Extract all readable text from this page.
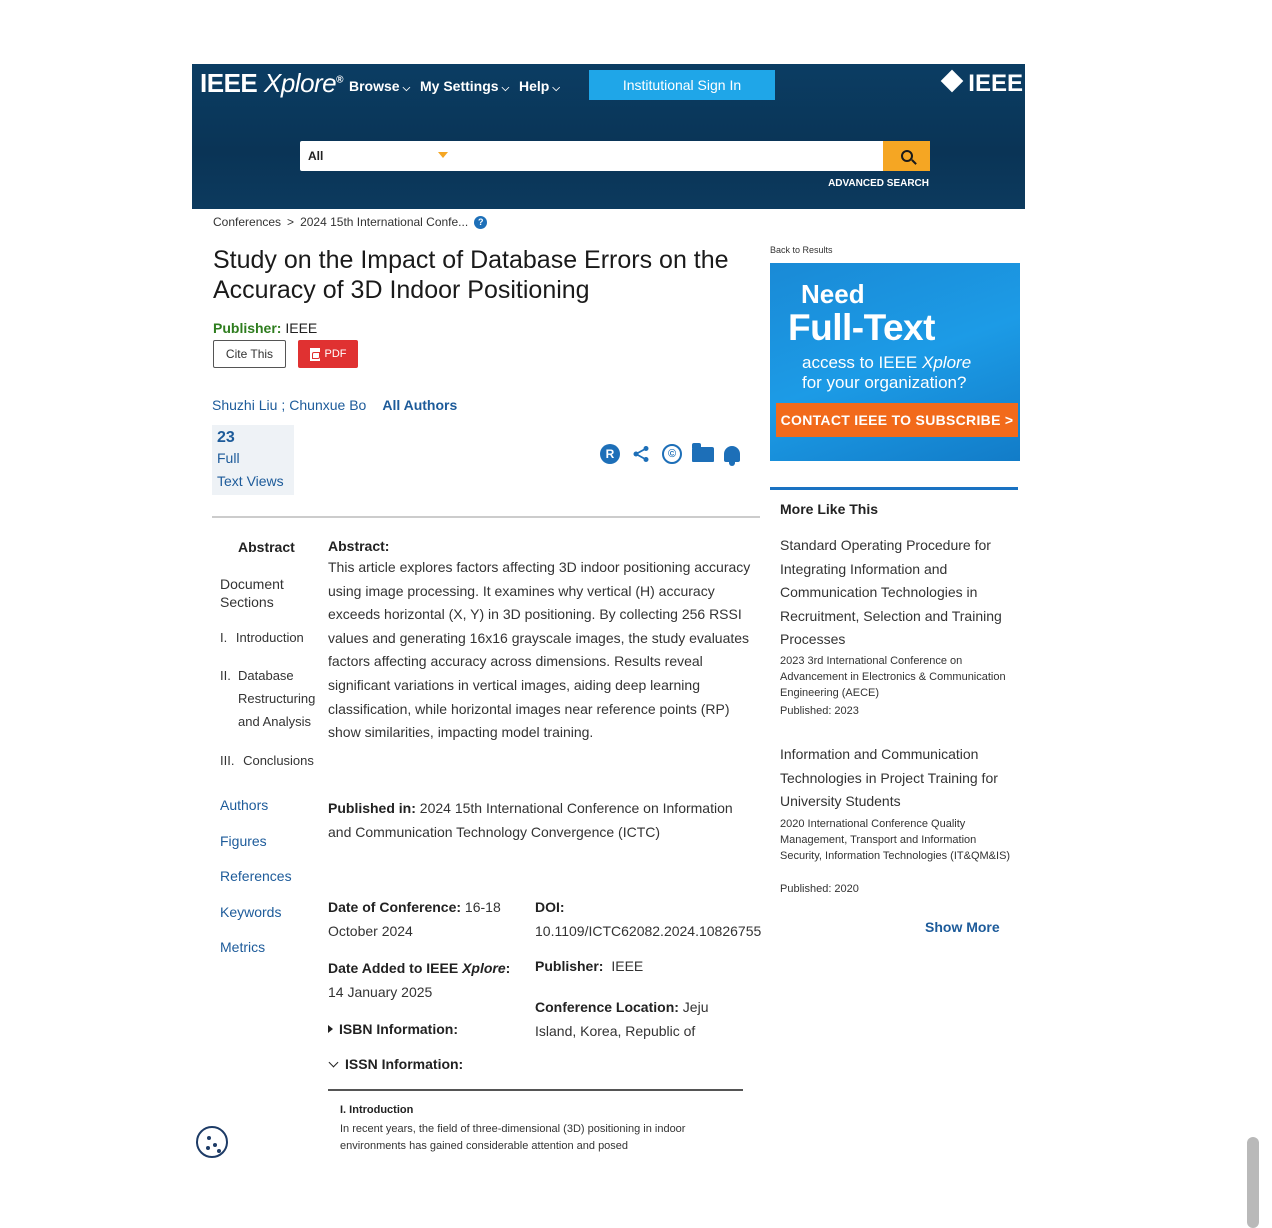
IEEE Xplore® Browse ⌵ My Settings ⌵ Help ⌵	Institutional Sign In	IEEE
All
ADVANCED SEARCH
Conferences > 2024 15th International Confe...	?
Study on the Impact of Database Errors on the Accuracy of 3D Indoor Positioning
Publisher: IEEE
Cite This	PDF
Shuzhi Liu ; Chunxue Bo All Authors
23
Full
Text Views
R	©
Abstract
Document Sections
I. Introduction
II. Database Restructuring and Analysis
III. Conclusions
Authors
Figures
References
Keywords
Metrics
Abstract:
This article explores factors affecting 3D indoor positioning accuracy using image processing. It examines why vertical (H) accuracy exceeds horizontal (X, Y) in 3D positioning. By collecting 256 RSSI values and generating 16x16 grayscale images, the study evaluates factors affecting accuracy across dimensions. Results reveal significant variations in vertical images, aiding deep learning classification, while horizontal images near reference points (RP) show similarities, impacting model training.
Published in: 2024 15th International Conference on Information and Communication Technology Convergence (ICTC)
Date of Conference: 16-18 October 2024
DOI:
10.1109/ICTC62082.2024.10826755
Date Added to IEEE Xplore:
14 January 2025
Publisher: IEEE
Conference Location: Jeju Island, Korea, Republic of
ISBN Information:
ISSN Information:
I. Introduction
In recent years, the field of three-dimensional (3D) positioning in indoor environments has gained considerable attention and posed
Back to Results
Need
Full-Text
access to IEEE Xplore
for your organization?
CONTACT IEEE TO SUBSCRIBE >
More Like This
Standard Operating Procedure for Integrating Information and Communication Technologies in Recruitment, Selection and Training Processes
2023 3rd International Conference on Advancement in Electronics & Communication Engineering (AECE)
Published: 2023
Information and Communication Technologies in Project Training for University Students
2020 International Conference Quality Management, Transport and Information Security, Information Technologies (IT&QM&IS)
Published: 2020
Show More
